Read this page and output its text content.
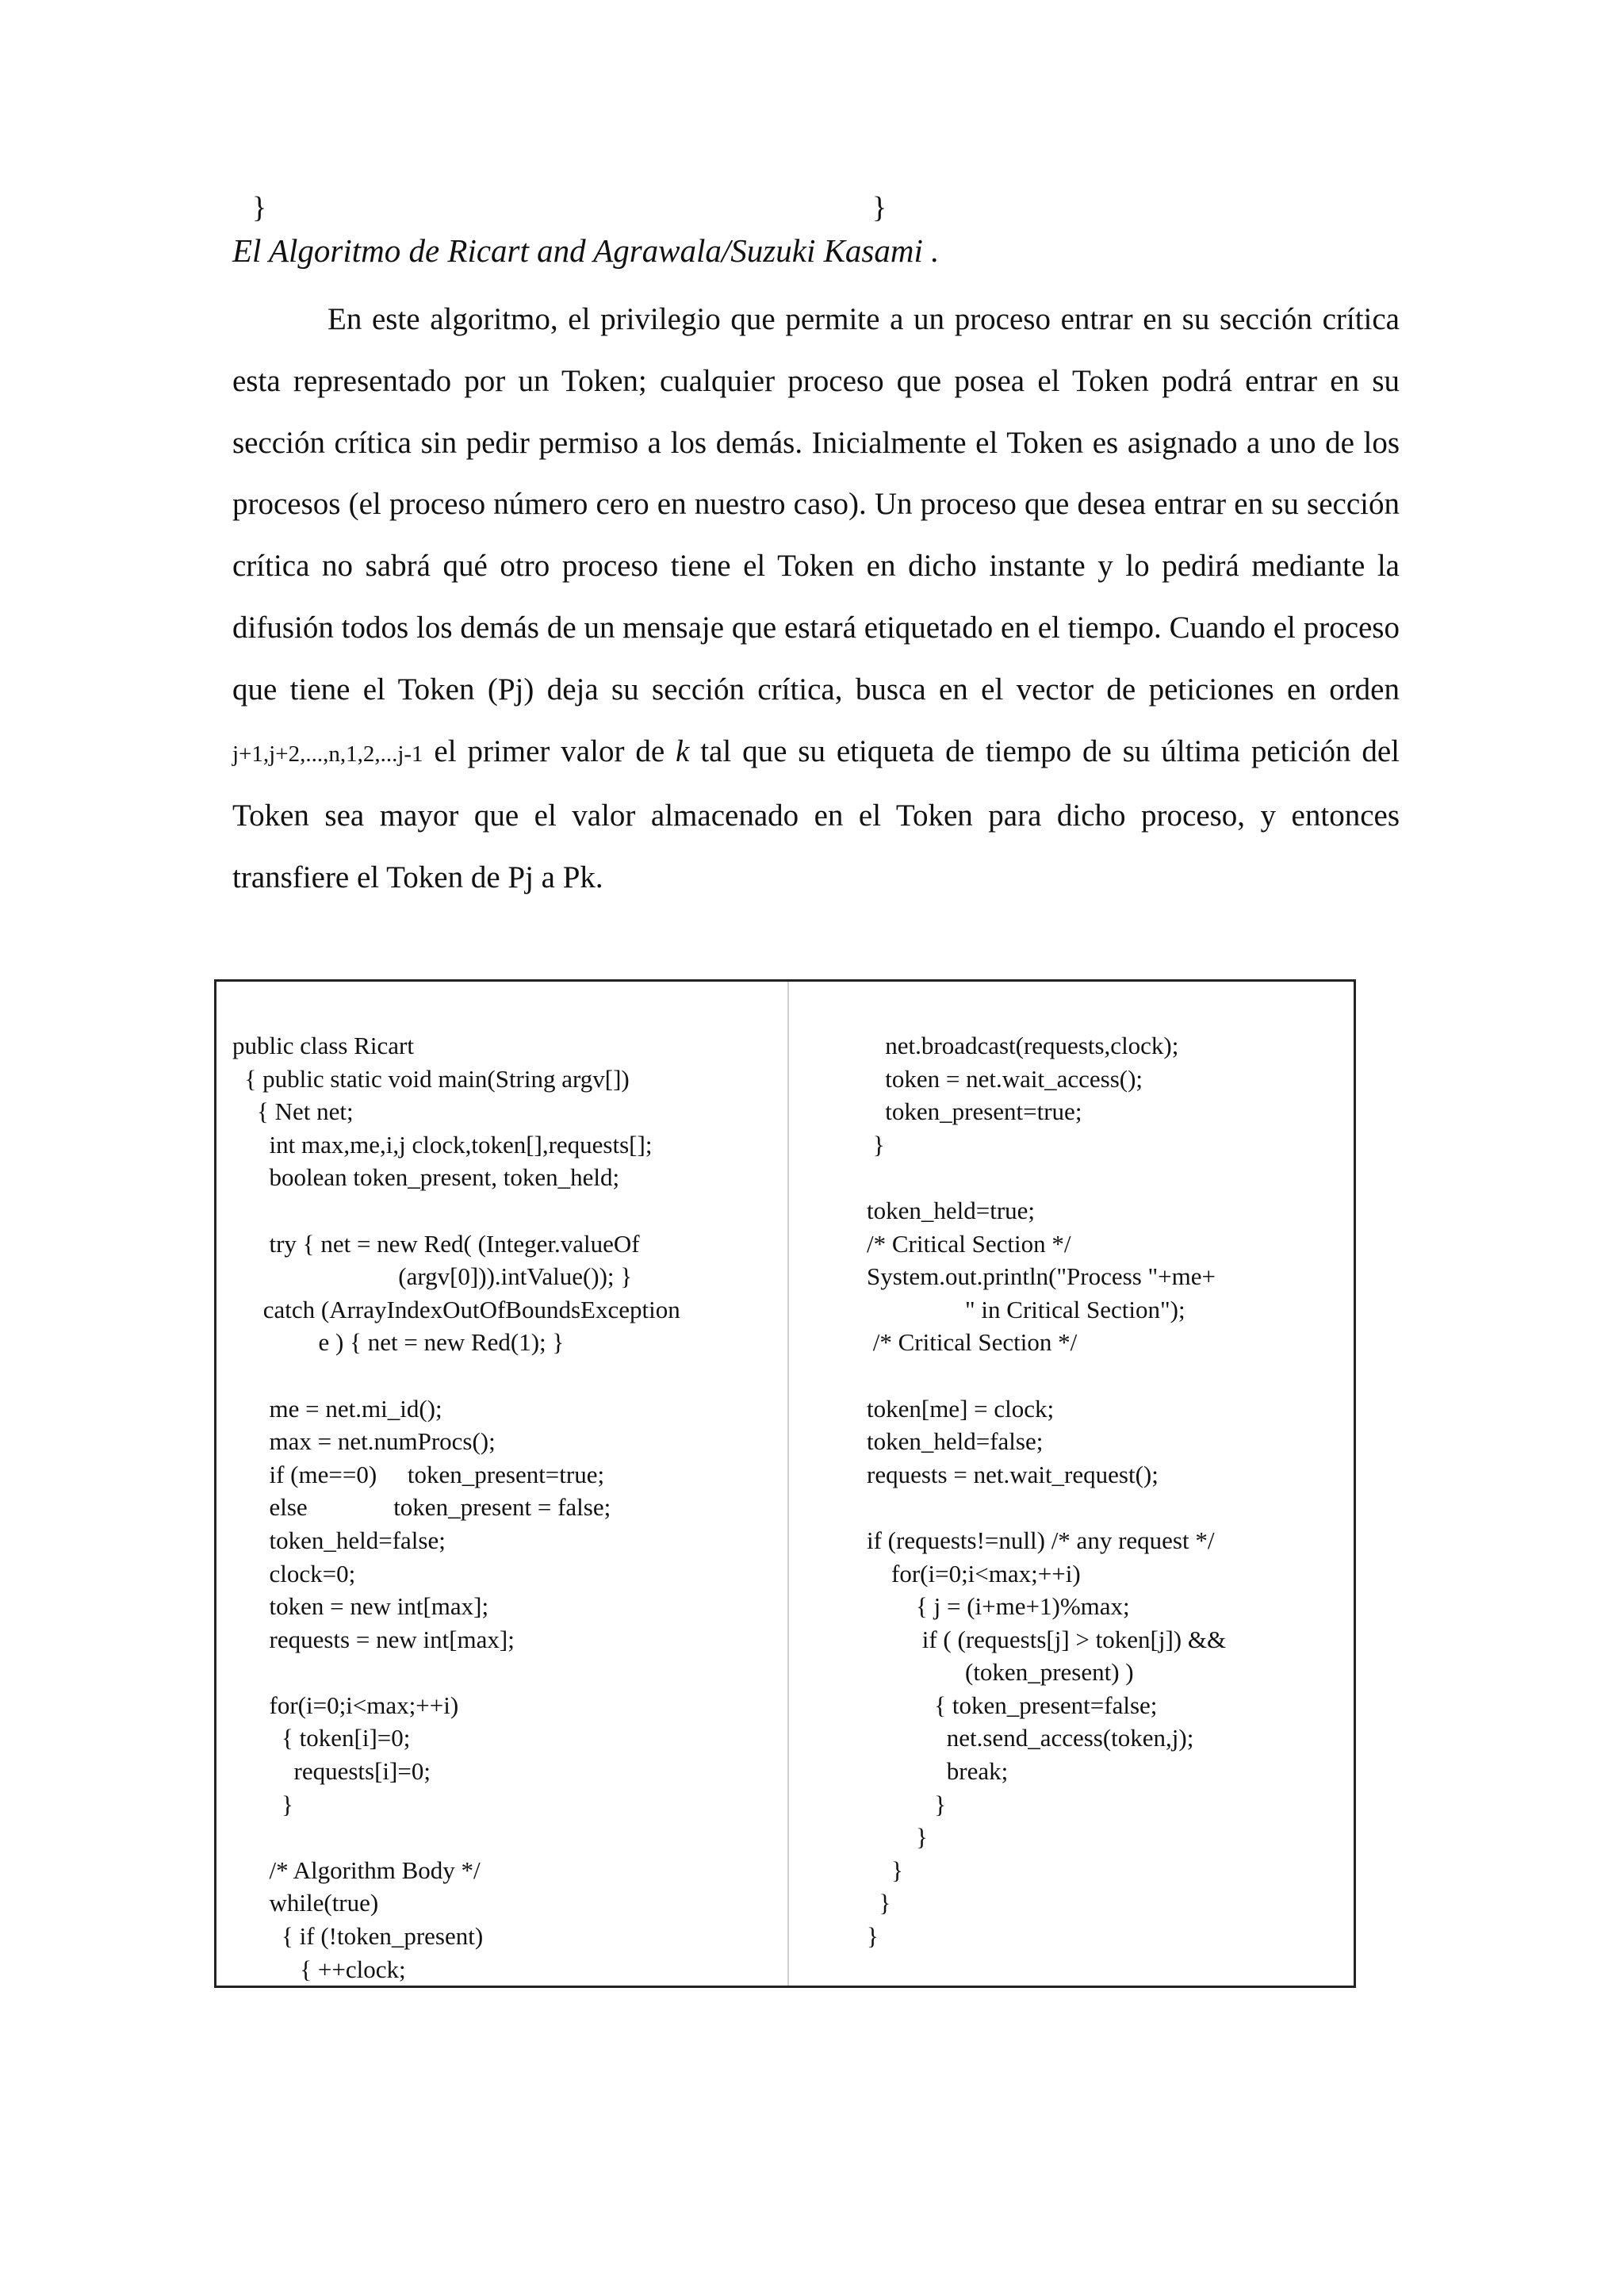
}	}
El Algoritmo de Ricart and Agrawala/Suzuki Kasami .

En este algoritmo, el privilegio que permite a un proceso entrar en su sección crítica esta representado por un Token; cualquier proceso que posea el Token podrá entrar en su sección crítica sin pedir permiso a los demás. Inicialmente el Token es asignado a uno de los procesos (el proceso número cero en nuestro caso). Un proceso que desea entrar en su sección crítica no sabrá qué otro proceso tiene el Token en dicho instante y lo pedirá mediante la difusión todos los demás de un mensaje que estará etiquetado en el tiempo. Cuando el proceso que tiene el Token (Pj) deja su sección crítica, busca en el vector de peticiones en orden j+1,j+2,...,n,1,2,...j-1 el primer valor de k tal que su etiqueta de tiempo de su última petición del Token sea mayor que el valor almacenado en el Token para dicho proceso, y entonces transfiere el Token de Pj a Pk.

public class Ricart
{ public static void main(String argv[])
{ Net net;
int max,me,i,j clock,token[],requests[];
boolean token_present, token_held;

try { net = new Red( (Integer.valueOf
(argv[0])).intValue()); }
catch (ArrayIndexOutOfBoundsException
e ) { net = new Red(1); }

me = net.mi_id();
max = net.numProcs();
if (me==0)     token_present=true;
else              token_present = false;
token_held=false;
clock=0;
token = new int[max];
requests = new int[max];

for(i=0;i<max;++i)
{ token[i]=0;
requests[i]=0;
}

/* Algorithm Body */
while(true)
{ if (!token_present)
{ ++clock;
net.broadcast(requests,clock);
token = net.wait_access();
token_present=true;
}

token_held=true;
/* Critical Section */
System.out.println("Process "+me+
" in Critical Section");
/* Critical Section */

token[me] = clock;
token_held=false;
requests = net.wait_request();

if (requests!=null) /* any request */
for(i=0;i<max;++i)
{ j = (i+me+1)%max;
if ( (requests[j] > token[j]) &&
(token_present) )
{ token_present=false;
net.send_access(token,j);
break;
}
}
}
}
}
